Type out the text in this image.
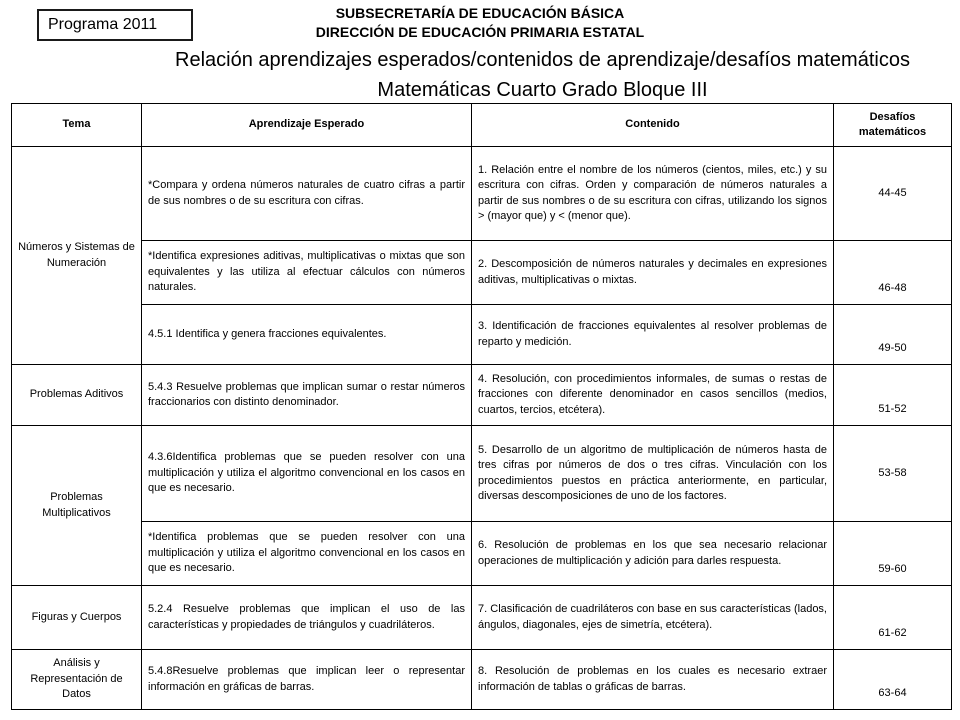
Programa 2011
SUBSECRETARÍA DE EDUCACIÓN BÁSICA
DIRECCIÓN DE EDUCACIÓN PRIMARIA ESTATAL
Relación aprendizajes esperados/contenidos de aprendizaje/desafíos matemáticos
Matemáticas Cuarto Grado Bloque III
Tema	Aprendizaje Esperado	Contenido	Desafíos matemáticos
Números y Sistemas de Numeración	*Compara y ordena números naturales de cuatro cifras a partir de sus nombres o de su escritura con cifras.	1. Relación entre el nombre de los números (cientos, miles, etc.) y su escritura con cifras. Orden y comparación de números naturales a partir de sus nombres o de su escritura con cifras, utilizando los signos > (mayor que) y < (menor que).	44-45
	*Identifica expresiones aditivas, multiplicativas o mixtas que son equivalentes y las utiliza al efectuar cálculos con números naturales.	2. Descomposición de números naturales y decimales en expresiones aditivas, multiplicativas o mixtas.	46-48
	4.5.1 Identifica y genera fracciones equivalentes.	3. Identificación de fracciones equivalentes al resolver problemas de reparto y medición.	49-50
Problemas Aditivos	5.4.3 Resuelve problemas que implican sumar o restar números fraccionarios con distinto denominador.	4. Resolución, con procedimientos informales, de sumas o restas de fracciones con diferente denominador en casos sencillos (medios, cuartos, tercios, etcétera).	51-52
Problemas Multiplicativos	4.3.6Identifica problemas que se pueden resolver con una multiplicación y utiliza el algoritmo convencional en los casos en que es necesario.	5. Desarrollo de un algoritmo de multiplicación de números hasta de tres cifras por números de dos o tres cifras. Vinculación con los procedimientos puestos en práctica anteriormente, en particular, diversas descomposiciones de uno de los factores.	53-58
	*Identifica problemas que se pueden resolver con una multiplicación y utiliza el algoritmo convencional en los casos en que es necesario.	6. Resolución de problemas en los que sea necesario relacionar operaciones de multiplicación y adición para darles respuesta.	59-60
Figuras y Cuerpos	5.2.4 Resuelve problemas que implican el uso de las características y propiedades de triángulos y cuadriláteros.	7. Clasificación de cuadriláteros con base en sus características (lados, ángulos, diagonales, ejes de simetría, etcétera).	61-62
Análisis y Representación de Datos	5.4.8Resuelve problemas que implican leer o representar información en gráficas de barras.	8. Resolución de problemas en los cuales es necesario extraer información de tablas o gráficas de barras.	63-64
